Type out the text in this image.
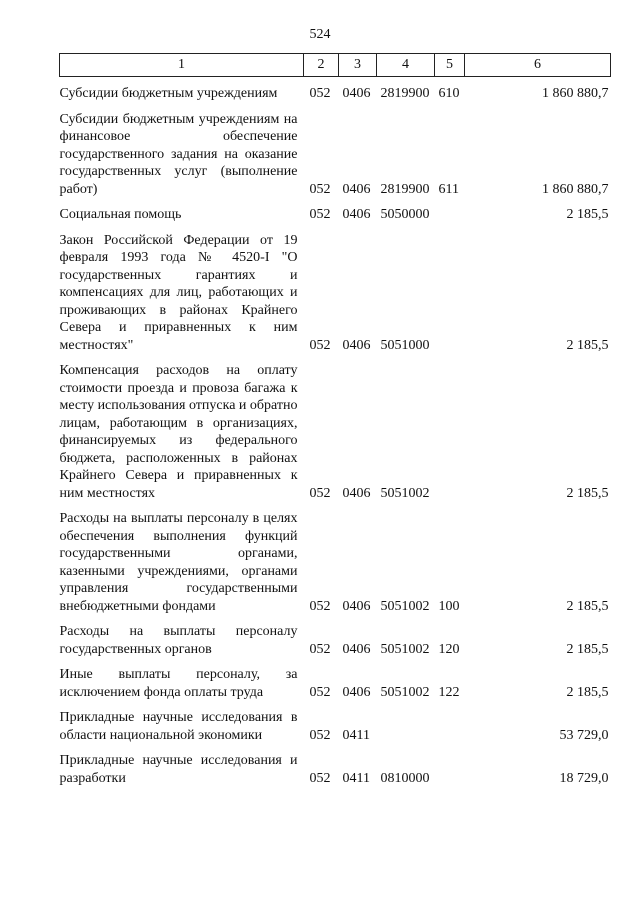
524
1	2	3	4	5	6
Субсидии бюджетным учреждениям	052	0406	2819900	610	1 860 880,7
Субсидии бюджетным учреждениям на финансовое обеспечение государственного задания на оказание государственных услуг (выполнение работ)	052	0406	2819900	611	1 860 880,7
Социальная помощь	052	0406	5050000		2 185,5
Закон Российской Федерации от 19 февраля 1993 года № 4520-I "О государственных гарантиях и компенсациях для лиц, работающих и проживающих в районах Крайнего Севера и приравненных к ним местностях"	052	0406	5051000		2 185,5
Компенсация расходов на оплату стоимости проезда и провоза багажа к месту использования отпуска и обратно лицам, работающим в организациях, финансируемых из федерального бюджета, расположенных в районах Крайнего Севера и приравненных к ним местностях	052	0406	5051002		2 185,5
Расходы на выплаты персоналу в целях обеспечения выполнения функций государственными органами, казенными учреждениями, органами управления государственными внебюджетными фондами	052	0406	5051002	100	2 185,5
Расходы на выплаты персоналу государственных органов	052	0406	5051002	120	2 185,5
Иные выплаты персоналу, за исключением фонда оплаты труда	052	0406	5051002	122	2 185,5
Прикладные научные исследования в области национальной экономики	052	0411			53 729,0
Прикладные научные исследования и разработки	052	0411	0810000		18 729,0
